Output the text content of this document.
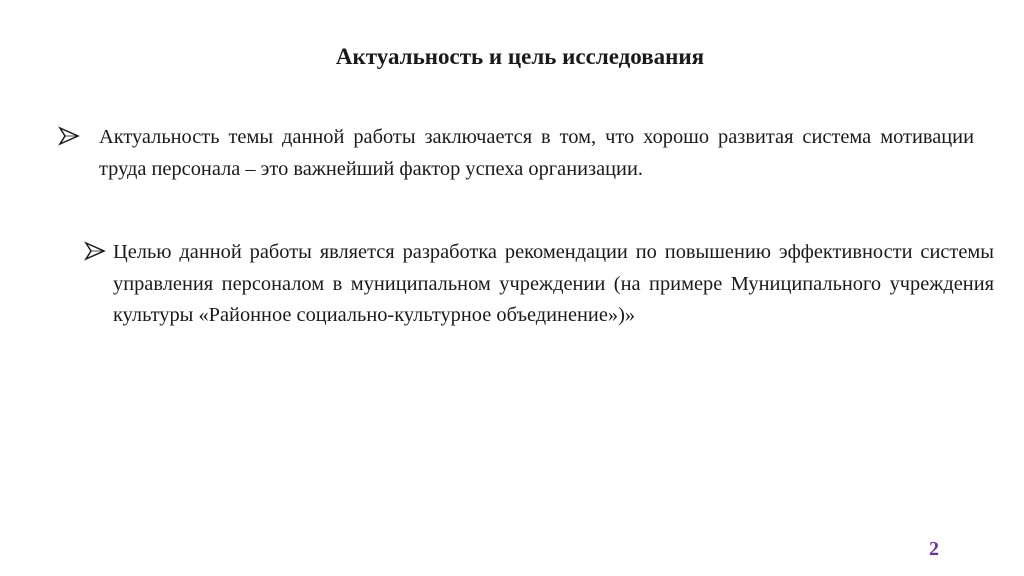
Актуальность и цель исследования
Актуальность темы данной работы заключается в том, что хорошо развитая система мотивации труда персонала – это важнейший фактор успеха организации.
Целью данной работы является разработка рекомендации по повышению эффективности системы управления персоналом в муниципальном учреждении (на примере Муниципального учреждения культуры «Районное социально-культурное объединение»)»
2
